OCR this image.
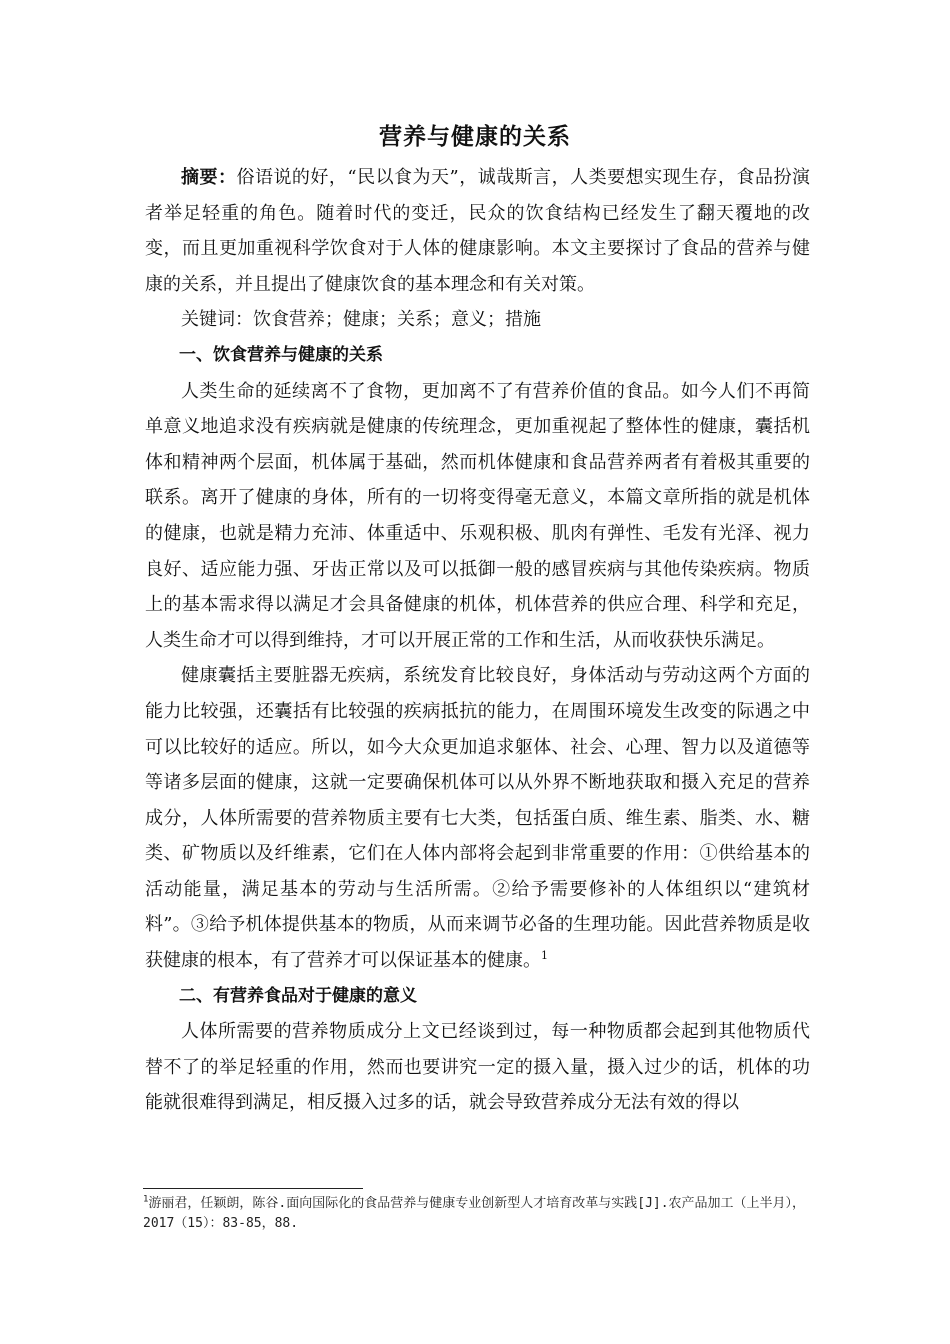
营养与健康的关系

摘要：俗语说的好，“民以食为天”，诚哉斯言，人类要想实现生存，食品扮演者举足轻重的角色。随着时代的变迁，民众的饮食结构已经发生了翻天覆地的改变，而且更加重视科学饮食对于人体的健康影响。本文主要探讨了食品的营养与健康的关系，并且提出了健康饮食的基本理念和有关对策。

关键词：饮食营养；健康；关系；意义；措施

一、饮食营养与健康的关系

人类生命的延续离不了食物，更加离不了有营养价值的食品。如今人们不再简单意义地追求没有疾病就是健康的传统理念，更加重视起了整体性的健康，囊括机体和精神两个层面，机体属于基础，然而机体健康和食品营养两者有着极其重要的联系。离开了健康的身体，所有的一切将变得毫无意义，本篇文章所指的就是机体的健康，也就是精力充沛、体重适中、乐观积极、肌肉有弹性、毛发有光泽、视力良好、适应能力强、牙齿正常以及可以抵御一般的感冒疾病与其他传染疾病。物质上的基本需求得以满足才会具备健康的机体，机体营养的供应合理、科学和充足，人类生命才可以得到维持，才可以开展正常的工作和生活，从而收获快乐满足。

健康囊括主要脏器无疾病，系统发育比较良好，身体活动与劳动这两个方面的能力比较强，还囊括有比较强的疾病抵抗的能力，在周围环境发生改变的际遇之中可以比较好的适应。所以，如今大众更加追求躯体、社会、心理、智力以及道德等等诸多层面的健康，这就一定要确保机体可以从外界不断地获取和摄入充足的营养成分，人体所需要的营养物质主要有七大类，包括蛋白质、维生素、脂类、水、糖类、矿物质以及纤维素，它们在人体内部将会起到非常重要的作用：①供给基本的活动能量，满足基本的劳动与生活所需。②给予需要修补的人体组织以“建筑材料”。③给予机体提供基本的物质，从而来调节必备的生理功能。因此营养物质是收获健康的根本，有了营养才可以保证基本的健康。$^1$

二、有营养食品对于健康的意义

人体所需要的营养物质成分上文已经谈到过，每一种物质都会起到其他物质代替不了的举足轻重的作用，然而也要讲究一定的摄入量，摄入过少的话，机体的功能就很难得到满足，相反摄入过多的话，就会导致营养成分无法有效的得以

$^1$游丽君，任颖朗，陈谷.面向国际化的食品营养与健康专业创新型人才培育改革与实践[J].农产品加工（上半月），2017（15）：83-85，88.
